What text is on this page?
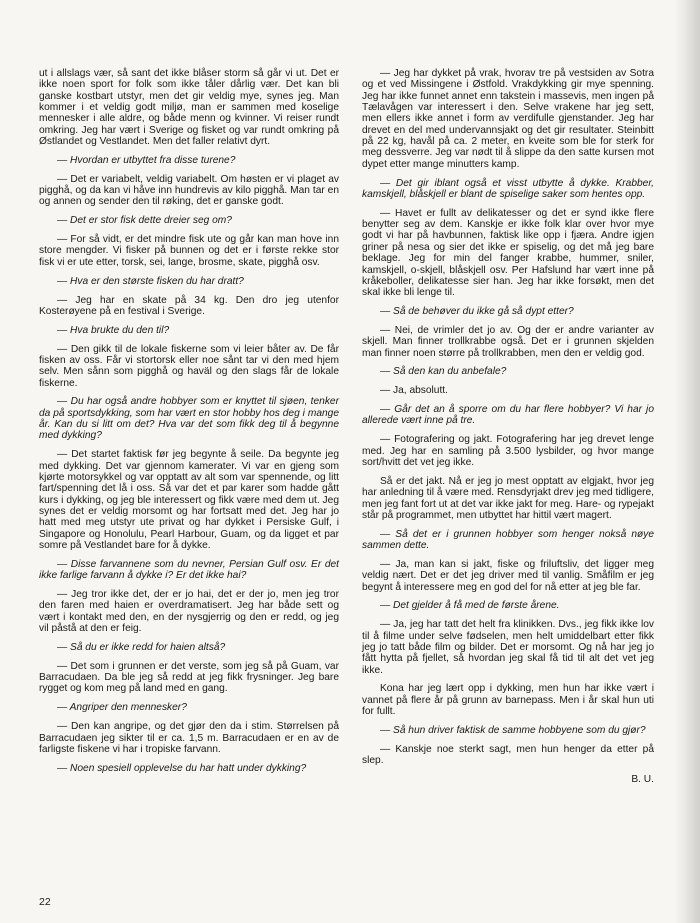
ut i allslags vær, så sant det ikke blåser storm så går vi ut. Det er ikke noen sport for folk som ikke tåler dårlig vær. Det kan bli ganske kostbart utstyr, men det gir veldig mye, synes jeg. Man kommer i et veldig godt miljø, man er sammen med koselige mennesker i alle aldre, og både menn og kvinner. Vi reiser rundt omkring. Jeg har vært i Sverige og fisket og var rundt omkring på Østlandet og Vestlandet. Men det faller relativt dyrt.

— Hvordan er utbyttet fra disse turene?

— Det er variabelt, veldig variabelt. Om høsten er vi plaget av pigghå, og da kan vi håve inn hundrevis av kilo pigghå. Man tar en og annen og sender den til røking, det er ganske godt.

— Det er stor fisk dette dreier seg om?

— For så vidt, er det mindre fisk ute og går kan man hove inn store mengder. Vi fisker på bunnen og det er i første rekke stor fisk vi er ute etter, torsk, sei, lange, brosme, skate, pigghå osv.

— Hva er den største fisken du har dratt?

— Jeg har en skate på 34 kg. Den dro jeg utenfor Kosterøyene på en festival i Sverige.

— Hva brukte du den til?

— Den gikk til de lokale fiskerne som vi leier båter av. De får fisken av oss. Får vi stortorsk eller noe sånt tar vi den med hjem selv. Men sånn som pigghå og haväl og den slags får de lokale fiskerne.

— Du har også andre hobbyer som er knyttet til sjøen, tenker da på sportsdykking, som har vært en stor hobby hos deg i mange år. Kan du si litt om det? Hva var det som fikk deg til å begynne med dykking?

— Det startet faktisk før jeg begynte å seile. Da begynte jeg med dykking. Det var gjennom kamerater. Vi var en gjeng som kjørte motorsykkel og var opptatt av alt som var spennende, og litt fart/spenning det lå i oss. Så var det et par karer som hadde gått kurs i dykking, og jeg ble interessert og fikk være med dem ut. Jeg synes det er veldig morsomt og har fortsatt med det. Jeg har jo hatt med meg utstyr ute privat og har dykket i Persiske Gulf, i Singapore og Honolulu, Pearl Harbour, Guam, og da ligget et par somre på Vestlandet bare for å dykke.

— Disse farvannene som du nevner, Persian Gulf osv. Er det ikke farlige farvann å dykke i? Er det ikke hai?

— Jeg tror ikke det, der er jo hai, det er der jo, men jeg tror den faren med haien er overdramatisert. Jeg har både sett og vært i kontakt med den, en der nysgjerrig og den er redd, og jeg vil påstå at den er feig.

— Så du er ikke redd for haien altså?

— Det som i grunnen er det verste, som jeg så på Guam, var Barracudaen. Da ble jeg så redd at jeg fikk frysninger. Jeg bare rygget og kom meg på land med en gang.

— Angriper den mennesker?

— Den kan angripe, og det gjør den da i stim. Størrelsen på Barracudaen jeg sikter til er ca. 1,5 m. Barracudaen er en av de farligste fiskene vi har i tropiske farvann.

— Noen spesiell opplevelse du har hatt under dykking?

— Jeg har dykket på vrak, hvorav tre på vestsiden av Sotra og et ved Missingene i Østfold. Vrakdykking gir mye spenning. Jeg har ikke funnet annet enn takstein i massevis, men ingen på Tælavågen var interessert i den. Selve vrakene har jeg sett, men ellers ikke annet i form av verdifulle gjenstander. Jeg har drevet en del med undervannsjakt og det gir resultater. Steinbitt på 22 kg, havål på ca. 2 meter, en kveite som ble for sterk for meg dessverre. Jeg var nødt til å slippe da den satte kursen mot dypet etter mange minutters kamp.

— Det gir iblant også et visst utbytte å dykke. Krabber, kamskjell, blåskjell er blant de spiselige saker som hentes opp.

— Havet er fullt av delikatesser og det er synd ikke flere benytter seg av dem. Kanskje er ikke folk klar over hvor mye godt vi har på havbunnen, faktisk like opp i fjæra. Andre igjen griner på nesa og sier det ikke er spiselig, og det må jeg bare beklage. Jeg for min del fanger krabbe, hummer, sniler, kamskjell, o-skjell, blåskjell osv. Per Hafslund har vært inne på kråkeboller, delikatesse sier han. Jeg har ikke forsøkt, men det skal ikke bli lenge til.

— Så de behøver du ikke gå så dypt etter?

— Nei, de vrimler det jo av. Og der er andre varianter av skjell. Man finner trollkrabbe også. Det er i grunnen skjelden man finner noen større på trollkrabben, men den er veldig god.

— Så den kan du anbefale?

— Ja, absolutt.

— Går det an å sporre om du har flere hobbyer? Vi har jo allerede vært inne på tre.

— Fotografering og jakt. Fotografering har jeg drevet lenge med. Jeg har en samling på 3.500 lysbilder, og hvor mange sort/hvitt det vet jeg ikke.

Så er det jakt. Nå er jeg jo mest opptatt av elgjakt, hvor jeg har anledning til å være med. Rensdyrjakt drev jeg med tidligere, men jeg fant fort ut at det var ikke jakt for meg. Hare- og rypejakt står på programmet, men utbyttet har hittil vært magert.

— Så det er i grunnen hobbyer som henger nokså nøye sammen dette.

— Ja, man kan si jakt, fiske og friluftsliv, det ligger meg veldig nært. Det er det jeg driver med til vanlig. Småfilm er jeg begynt å interessere meg en god del for nå etter at jeg ble far.

— Det gjelder å få med de første årene.

— Ja, jeg har tatt det helt fra klinikken. Dvs., jeg fikk ikke lov til å filme under selve fødselen, men helt umiddelbart etter fikk jeg jo tatt både film og bilder. Det er morsomt. Og nå har jeg jo fått hytta på fjellet, så hvordan jeg skal få tid til alt det vet jeg ikke.

Kona har jeg lært opp i dykking, men hun har ikke vært i vannet på flere år på grunn av barnepass. Men i år skal hun uti for fullt.

— Så hun driver faktisk de samme hobbyene som du gjør?

— Kanskje noe sterkt sagt, men hun henger da etter på slep.

B. U.

22
